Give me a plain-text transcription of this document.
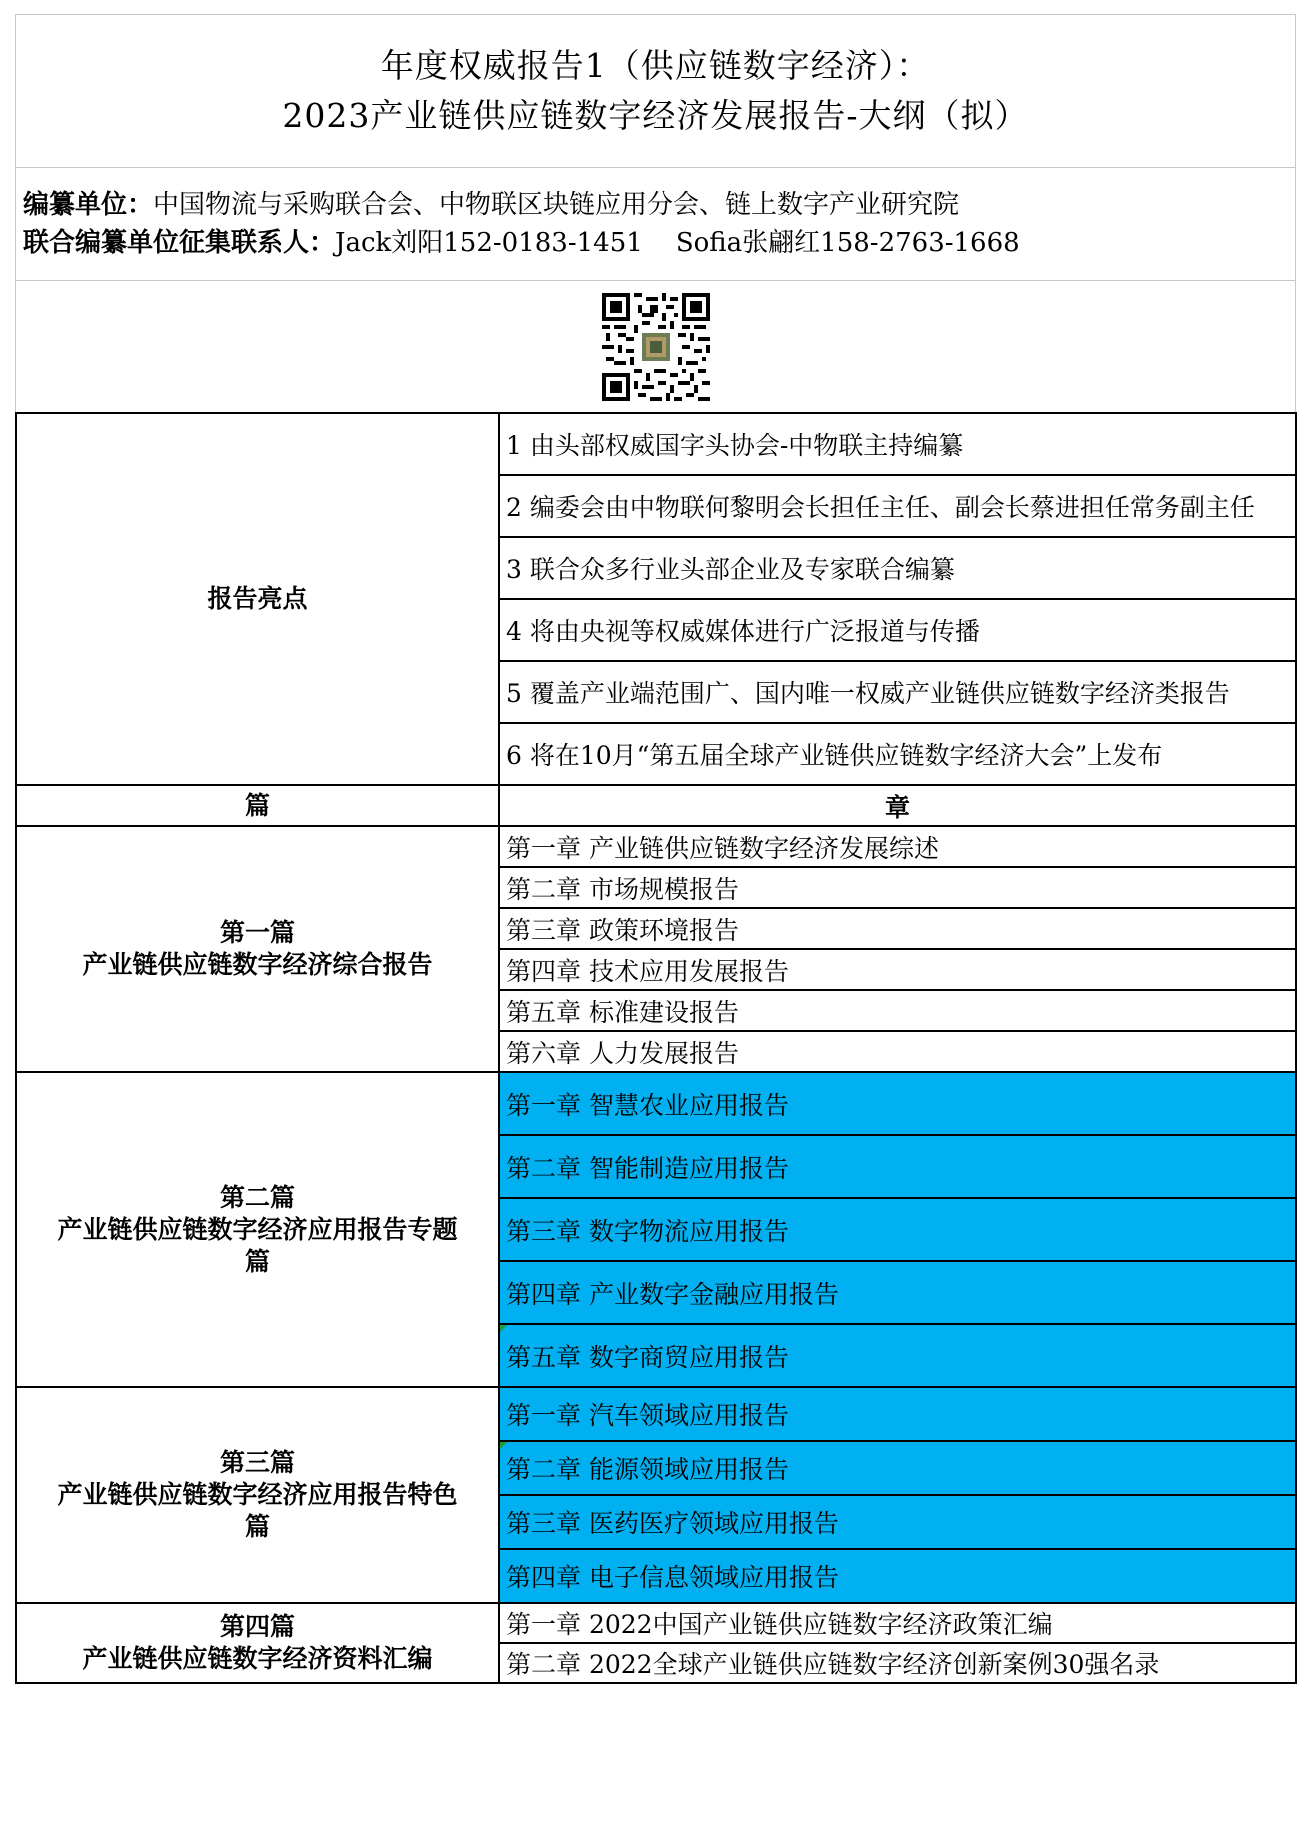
年度权威报告1（供应链数字经济）：
2023产业链供应链数字经济发展报告-大纲（拟）
编纂单位：中国物流与采购联合会、中物联区块链应用分会、链上数字产业研究院
联合编纂单位征集联系人：Jack刘阳152-0183-1451    Sofia张翩红158-2763-1668
报告亮点	1 由头部权威国字头协会-中物联主持编纂
	2 编委会由中物联何黎明会长担任主任、副会长蔡进担任常务副主任
	3 联合众多行业头部企业及专家联合编纂
	4 将由央视等权威媒体进行广泛报道与传播
	5 覆盖产业端范围广、国内唯一权威产业链供应链数字经济类报告
	6 将在10月“第五届全球产业链供应链数字经济大会”上发布
篇	章

第一篇
产业链供应链数字经济综合报告	第一章 产业链供应链数字经济发展综述
	第二章 市场规模报告
	第三章 政策环境报告
	第四章 技术应用发展报告
	第五章 标准建设报告
	第六章 人力发展报告

第二篇
产业链供应链数字经济应用报告专题
篇	第一章 智慧农业应用报告
	第二章 智能制造应用报告
	第三章 数字物流应用报告
	第四章 产业数字金融应用报告
	第五章 数字商贸应用报告

第三篇
产业链供应链数字经济应用报告特色
篇	第一章 汽车领域应用报告
	第二章 能源领域应用报告
	第三章 医药医疗领域应用报告
	第四章 电子信息领域应用报告

第四篇
产业链供应链数字经济资料汇编	第一章 2022中国产业链供应链数字经济政策汇编
	第二章 2022全球产业链供应链数字经济创新案例30强名录
